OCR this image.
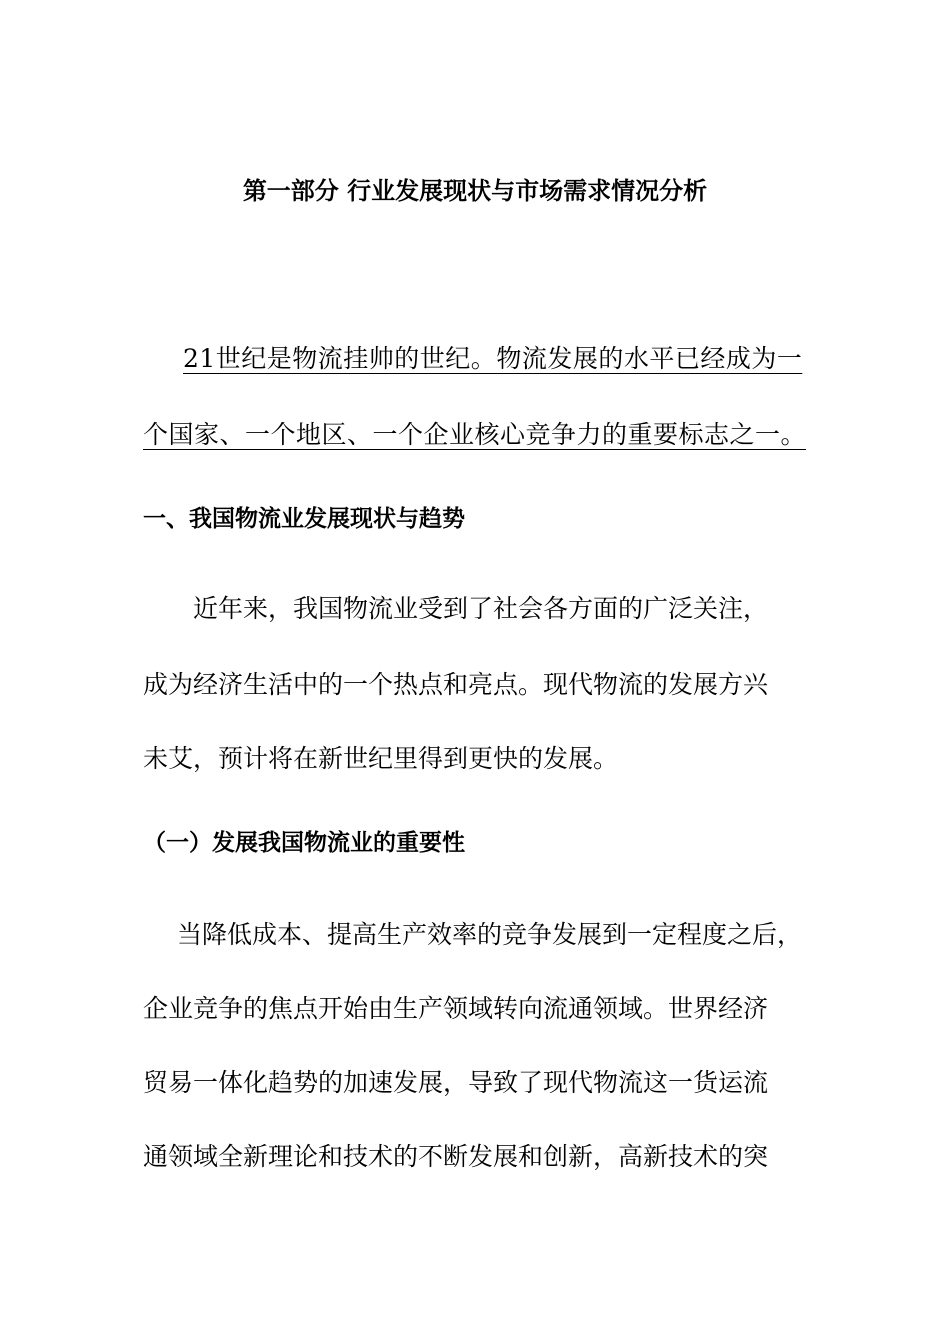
第一部分 行业发展现状与市场需求情况分析
21世纪是物流挂帅的世纪。物流发展的水平已经成为一
个国家、一个地区、一个企业核心竞争力的重要标志之一。
一、我国物流业发展现状与趋势
近年来，我国物流业受到了社会各方面的广泛关注，
成为经济生活中的一个热点和亮点。现代物流的发展方兴
未艾，预计将在新世纪里得到更快的发展。
（一）发展我国物流业的重要性
当降低成本、提高生产效率的竞争发展到一定程度之后，
企业竞争的焦点开始由生产领域转向流通领域。世界经济
贸易一体化趋势的加速发展，导致了现代物流这一货运流
通领域全新理论和技术的不断发展和创新，高新技术的突
